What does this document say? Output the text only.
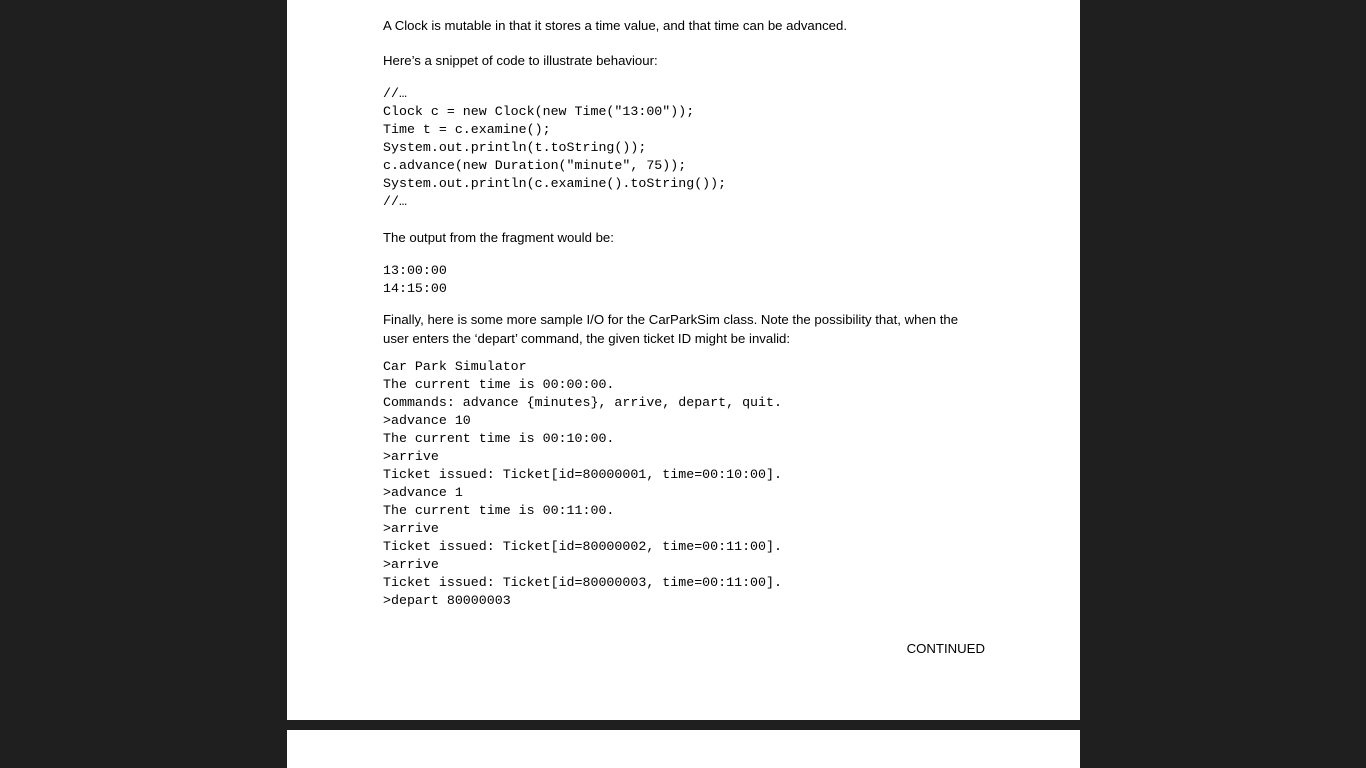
A Clock is mutable in that it stores a time value, and that time can be advanced.

Here’s a snippet of code to illustrate behaviour:

//…
Clock c = new Clock(new Time("13:00"));
Time t = c.examine();
System.out.println(t.toString());
c.advance(new Duration("minute", 75));
System.out.println(c.examine().toString());
//…

The output from the fragment would be:

13:00:00
14:15:00

Finally, here is some more sample I/O for the CarParkSim class. Note the possibility that, when the

user enters the ‘depart’ command, the given ticket ID might be invalid:

Car Park Simulator
The current time is 00:00:00.
Commands: advance {minutes}, arrive, depart, quit.
>advance 10
The current time is 00:10:00.
>arrive
Ticket issued: Ticket[id=80000001, time=00:10:00].
>advance 1
The current time is 00:11:00.
>arrive
Ticket issued: Ticket[id=80000002, time=00:11:00].
>arrive
Ticket issued: Ticket[id=80000003, time=00:11:00].
>depart 80000003
CONTINUED
